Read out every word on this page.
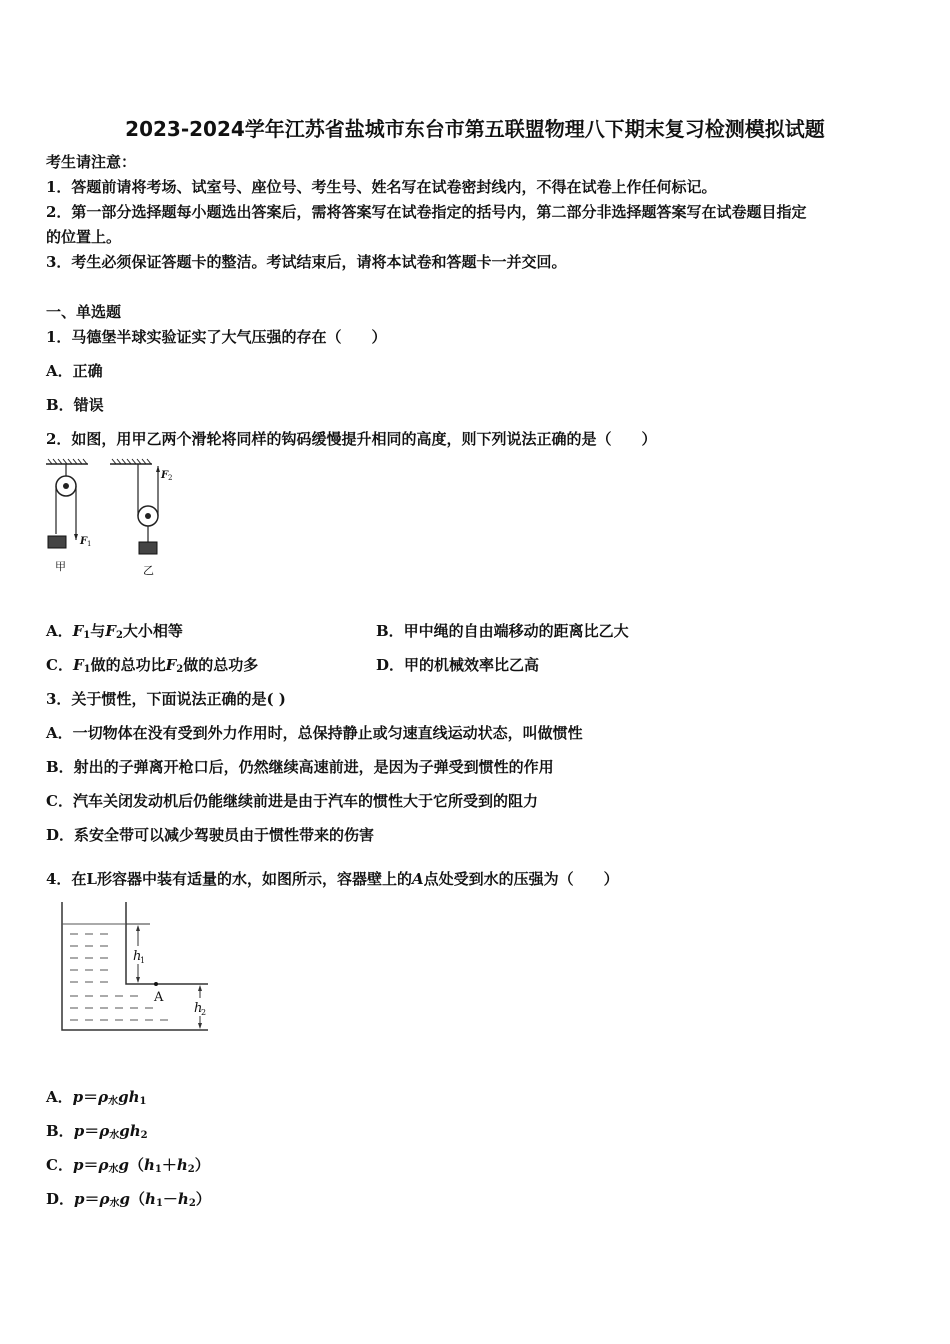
2023-2024学年江苏省盐城市东台市第五联盟物理八下期末复习检测模拟试题
考生请注意：
1．答题前请将考场、试室号、座位号、考生号、姓名写在试卷密封线内，不得在试卷上作任何标记。
2．第一部分选择题每小题选出答案后，需将答案写在试卷指定的括号内，第二部分非选择题答案写在试卷题目指定
的位置上。
3．考生必须保证答题卡的整洁。考试结束后，请将本试卷和答题卡一并交回。
一、单选题
1．马德堡半球实验证实了大气压强的存在（　　）
A．正确
B．错误
2．如图，用甲乙两个滑轮将同样的钩码缓慢提升相同的高度，则下列说法正确的是（　　）
F 1
甲
F 2
乙
A．$F_1$与$F_2$大小相等	B．甲中绳的自由端移动的距离比乙大
C．$F_1$做的总功比$F_2$做的总功多	D．甲的机械效率比乙高
3．关于惯性，下面说法正确的是( )
A．一切物体在没有受到外力作用时，总保持静止或匀速直线运动状态，叫做惯性
B．射出的子弹离开枪口后，仍然继续高速前进，是因为子弹受到惯性的作用
C．汽车关闭发动机后仍能继续前进是由于汽车的惯性大于它所受到的阻力
D．系安全带可以减少驾驶员由于惯性带来的伤害
4．在L形容器中装有适量的水，如图所示，容器壁上的A点处受到水的压强为（　　）
A
h
1
h
2
A．$p=\rho_水gh_1$
B．$p=\rho_水gh_2$
C．$p=\rho_水g(h_1+h_2)$
D．$p=\rho_水g(h_1-h_2)$
